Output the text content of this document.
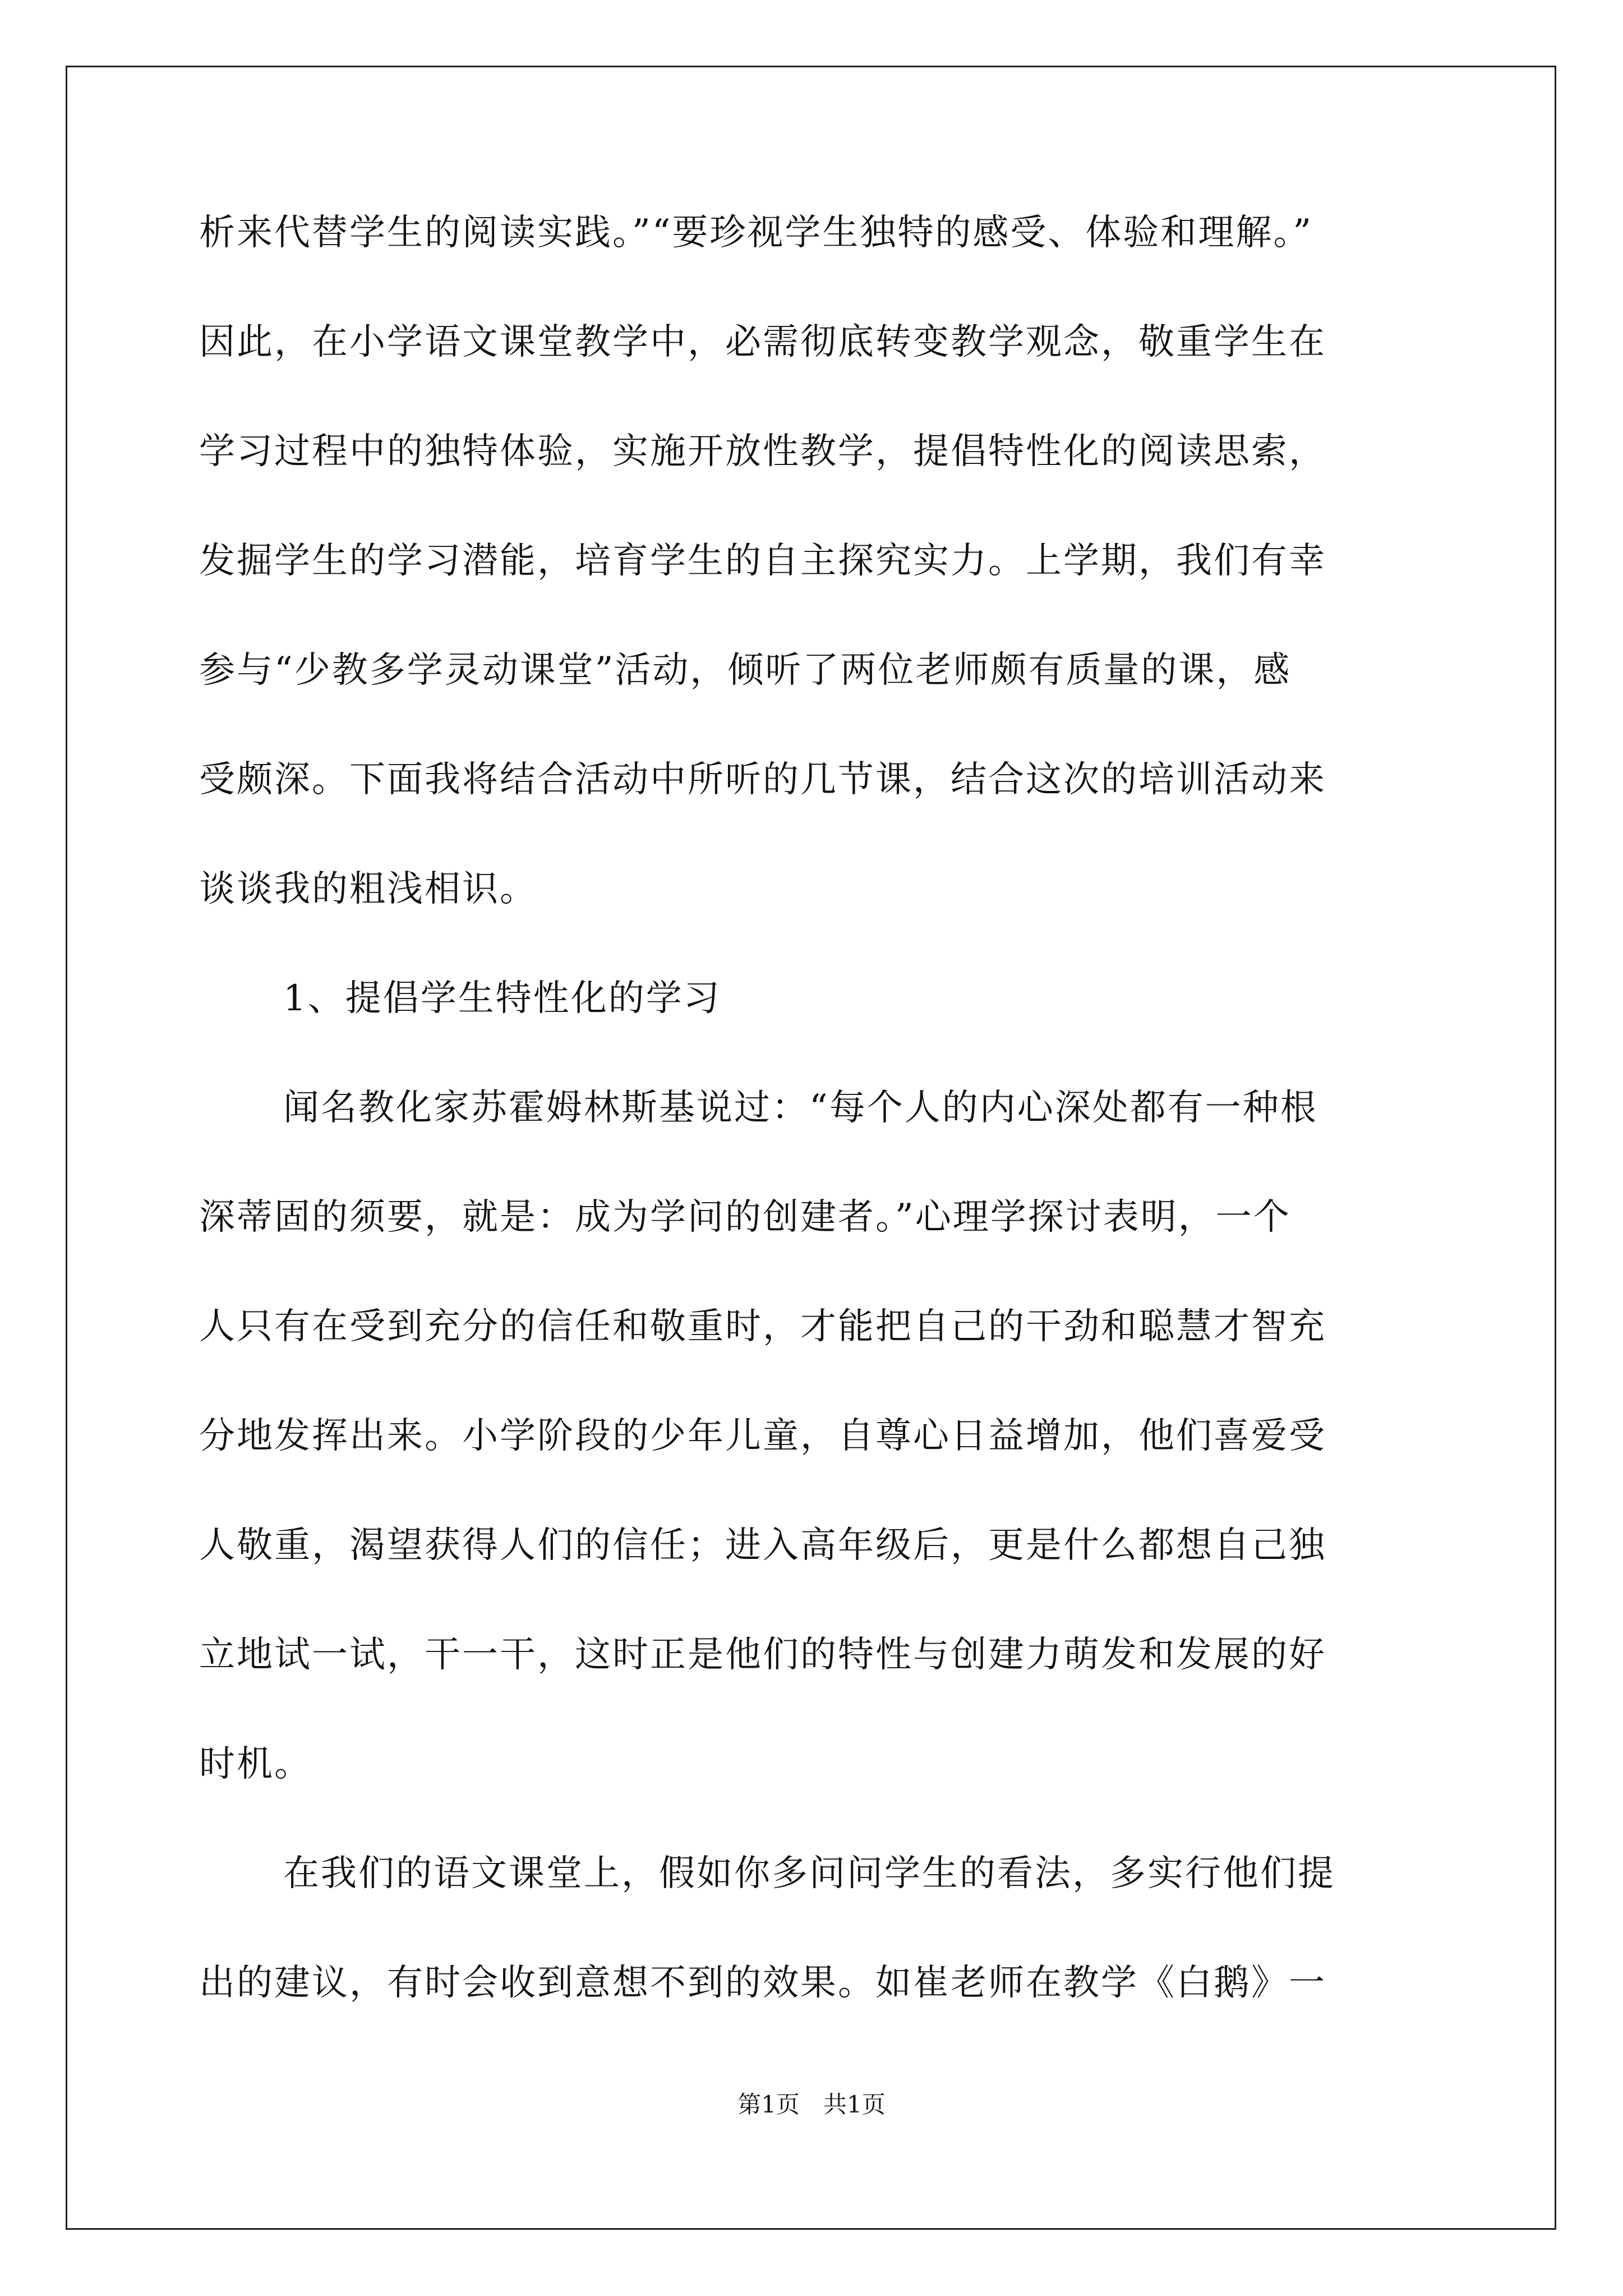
析来代替学生的阅读实践。”“要珍视学生独特的感受、体验和理解。”
因此，在小学语文课堂教学中，必需彻底转变教学观念，敬重学生在
学习过程中的独特体验，实施开放性教学，提倡特性化的阅读思索，
发掘学生的学习潜能，培育学生的自主探究实力。上学期，我们有幸
参与“少教多学灵动课堂”活动，倾听了两位老师颇有质量的课，感
受颇深。下面我将结合活动中所听的几节课，结合这次的培训活动来
谈谈我的粗浅相识。
1、提倡学生特性化的学习
闻名教化家苏霍姆林斯基说过：“每个人的内心深处都有一种根
深蒂固的须要，就是：成为学问的创建者。”心理学探讨表明，一个
人只有在受到充分的信任和敬重时，才能把自己的干劲和聪慧才智充
分地发挥出来。小学阶段的少年儿童，自尊心日益增加，他们喜爱受
人敬重，渴望获得人们的信任；进入高年级后，更是什么都想自己独
立地试一试，干一干，这时正是他们的特性与创建力萌发和发展的好
时机。
在我们的语文课堂上，假如你多问问学生的看法，多实行他们提
出的建议，有时会收到意想不到的效果。如崔老师在教学《白鹅》一
第1页　共1页
